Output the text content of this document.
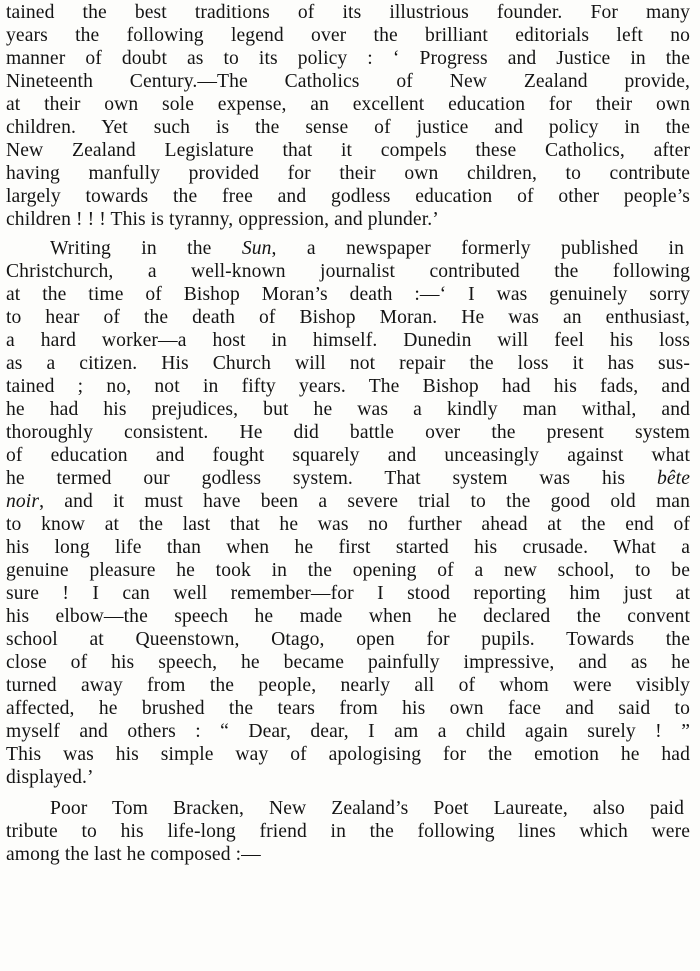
tained the best traditions of its illustrious founder. For many
years the following legend over the brilliant editorials left no
manner of doubt as to its policy : ‘ Progress and Justice in the
Nineteenth Century.—The Catholics of New Zealand provide,
at their own sole expense, an excellent education for their own
children. Yet such is the sense of justice and policy in the
New Zealand Legislature that it compels these Catholics, after
having manfully provided for their own children, to contribute
largely towards the free and godless education of other people’s
children ! ! ! This is tyranny, oppression, and plunder.’
Writing in the Sun, a newspaper formerly published in
Christchurch, a well-known journalist contributed the following
at the time of Bishop Moran’s death :—‘ I was genuinely sorry
to hear of the death of Bishop Moran. He was an enthusiast,
a hard worker—a host in himself. Dunedin will feel his loss
as a citizen. His Church will not repair the loss it has sus-
tained ; no, not in fifty years. The Bishop had his fads, and
he had his prejudices, but he was a kindly man withal, and
thoroughly consistent. He did battle over the present system
of education and fought squarely and unceasingly against what
he termed our godless system. That system was his bête
noir, and it must have been a severe trial to the good old man
to know at the last that he was no further ahead at the end of
his long life than when he first started his crusade. What a
genuine pleasure he took in the opening of a new school, to be
sure ! I can well remember—for I stood reporting him just at
his elbow—the speech he made when he declared the convent
school at Queenstown, Otago, open for pupils. Towards the
close of his speech, he became painfully impressive, and as he
turned away from the people, nearly all of whom were visibly
affected, he brushed the tears from his own face and said to
myself and others : “ Dear, dear, I am a child again surely ! ”
This was his simple way of apologising for the emotion he had
displayed.’
Poor Tom Bracken, New Zealand’s Poet Laureate, also paid
tribute to his life-long friend in the following lines which were
among the last he composed :—
